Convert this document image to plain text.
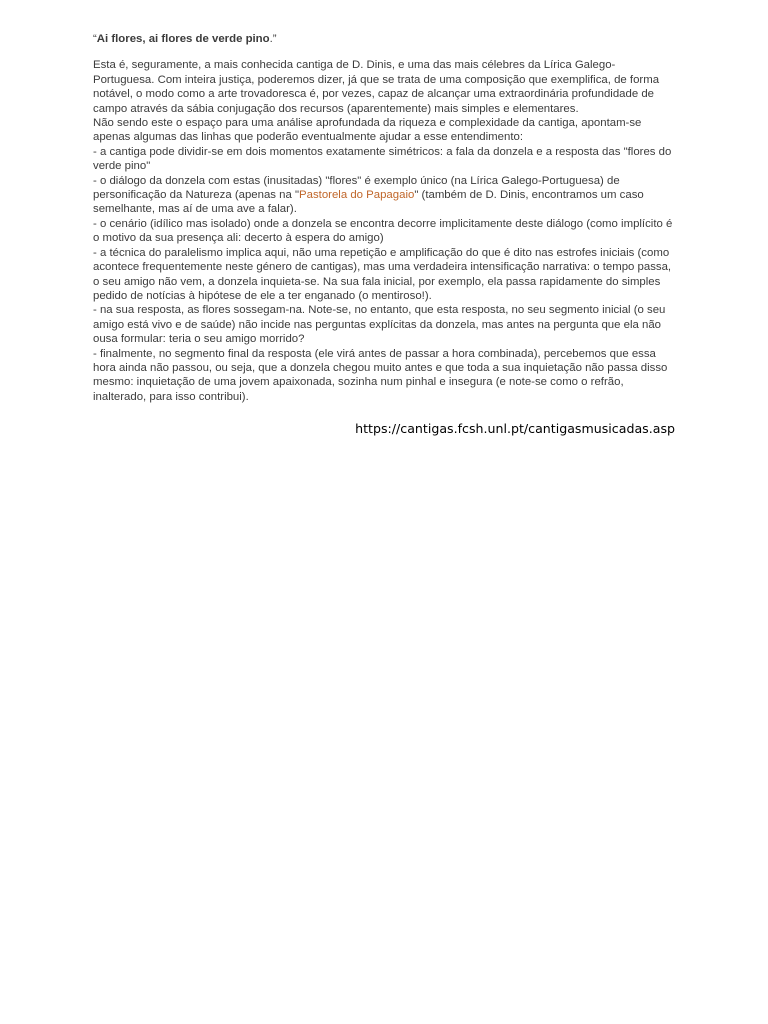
“Ai flores, ai flores de verde pino.”

Esta é, seguramente, a mais conhecida cantiga de D. Dinis, e uma das mais célebres da Lírica Galego-Portuguesa. Com inteira justiça, poderemos dizer, já que se trata de uma composição que exemplifica, de forma notável, o modo como a arte trovadoresca é, por vezes, capaz de alcançar uma extraordinária profundidade de campo através da sábia conjugação dos recursos (aparentemente) mais simples e elementares.

Não sendo este o espaço para uma análise aprofundada da riqueza e complexidade da cantiga, apontam-se apenas algumas das linhas que poderão eventualmente ajudar a esse entendimento:

- a cantiga pode dividir-se em dois momentos exatamente simétricos: a fala da donzela e a resposta das "flores do verde pino"

- o diálogo da donzela com estas (inusitadas) "flores" é exemplo único (na Lírica Galego-Portuguesa) de personificação da Natureza (apenas na "Pastorela do Papagaio" (também de D. Dinis, encontramos um caso semelhante, mas aí de uma ave a falar).

- o cenário (idílico mas isolado) onde a donzela se encontra decorre implicitamente deste diálogo (como implícito é o motivo da sua presença ali: decerto à espera do amigo)

- a técnica do paralelismo implica aqui, não uma repetição e amplificação do que é dito nas estrofes iniciais (como acontece frequentemente neste género de cantigas), mas uma verdadeira intensificação narrativa: o tempo passa, o seu amigo não vem, a donzela inquieta-se. Na sua fala inicial, por exemplo, ela passa rapidamente do simples pedido de notícias à hipótese de ele a ter enganado (o mentiroso!).

- na sua resposta, as flores sossegam-na. Note-se, no entanto, que esta resposta, no seu segmento inicial (o seu amigo está vivo e de saúde) não incide nas perguntas explícitas da donzela, mas antes na pergunta que ela não ousa formular: teria o seu amigo morrido?

- finalmente, no segmento final da resposta (ele virá antes de passar a hora combinada), percebemos que essa hora ainda não passou, ou seja, que a donzela chegou muito antes e que toda a sua inquietação não passa disso mesmo: inquietação de uma jovem apaixonada, sozinha num pinhal e insegura (e note-se como o refrão, inalterado, para isso contribui).

https://cantigas.fcsh.unl.pt/cantigasmusicadas.asp
